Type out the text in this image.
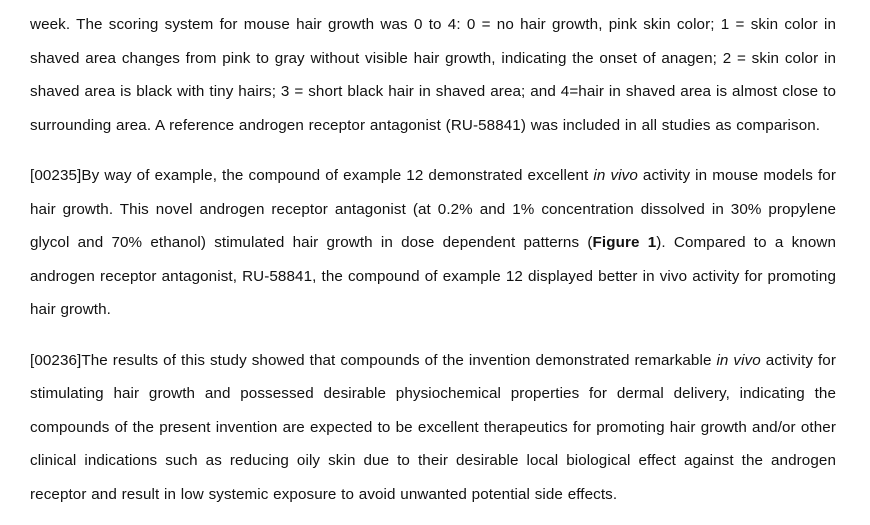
week. The scoring system for mouse hair growth was 0 to 4: 0 = no hair growth, pink skin color; 1 = skin color in shaved area changes from pink to gray without visible hair growth, indicating the onset of anagen; 2 = skin color in shaved area is black with tiny hairs; 3 = short black hair in shaved area; and 4=hair in shaved area is almost close to surrounding area. A reference androgen receptor antagonist (RU-58841) was included in all studies as comparison.

[00235]By way of example, the compound of example 12 demonstrated excellent in vivo activity in mouse models for hair growth. This novel androgen receptor antagonist (at 0.2% and 1% concentration dissolved in 30% propylene glycol and 70% ethanol) stimulated hair growth in dose dependent patterns (Figure 1). Compared to a known androgen receptor antagonist, RU-58841, the compound of example 12 displayed better in vivo activity for promoting hair growth.

[00236]The results of this study showed that compounds of the invention demonstrated remarkable in vivo activity for stimulating hair growth and possessed desirable physiochemical properties for dermal delivery, indicating the compounds of the present invention are expected to be excellent therapeutics for promoting hair growth and/or other clinical indications such as reducing oily skin due to their desirable local biological effect against the androgen receptor and result in low systemic exposure to avoid unwanted potential side effects.
